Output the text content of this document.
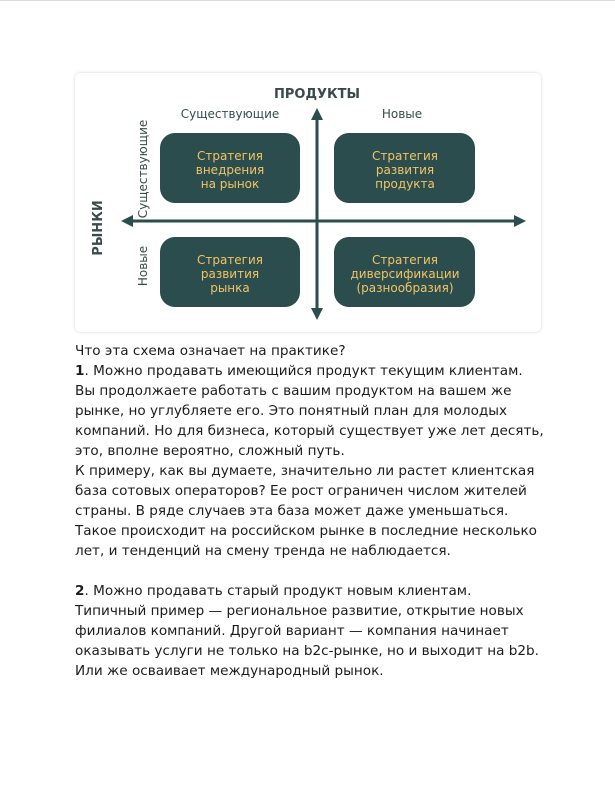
ПРОДУКТЫ
РЫНКИ
Существующие	Новые
Существующие
Новые
Стратегия
внедрения
на рынок
Стратегия
развития
продукта
Стратегия
развития
рынка
Стратегия
диверсификации
(разнообразия)

Что эта схема означает на практике?

1. Можно продавать имеющийся продукт текущим клиентам. Вы продолжаете работать с вашим продуктом на вашем же рынке, но углубляете его. Это понятный план для молодых компаний. Но для бизнеса, который существует уже лет десять, это, вполне вероятно, сложный путь.

К примеру, как вы думаете, значительно ли растет клиентская база сотовых операторов? Ее рост ограничен числом жителей страны. В ряде случаев эта база может даже уменьшаться. Такое происходит на российском рынке в последние несколько лет, и тенденций на смену тренда не наблюдается.

2. Можно продавать старый продукт новым клиентам. Типичный пример — региональное развитие, открытие новых филиалов компаний. Другой вариант — компания начинает оказывать услуги не только на b2c-рынке, но и выходит на b2b. Или же осваивает международный рынок.
